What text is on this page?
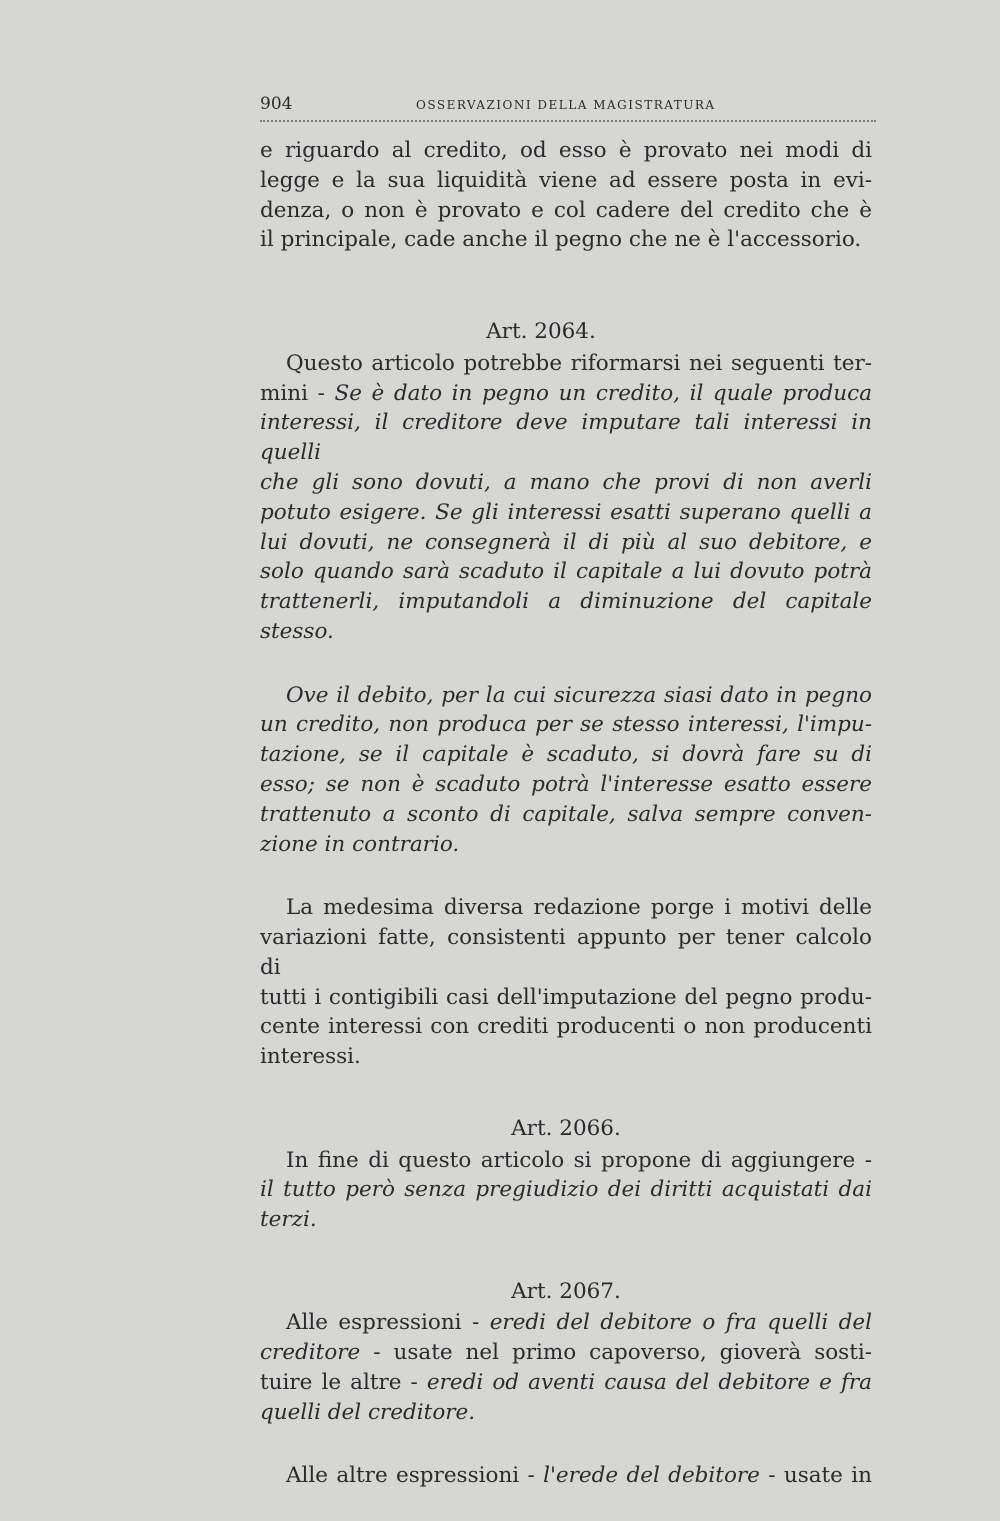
904	OSSERVAZIONI DELLA MAGISTRATURA
e riguardo al credito, od esso è provato nei modi di
legge e la sua liquidità viene ad essere posta in evi-
denza, o non è provato e col cadere del credito che è
il principale, cade anche il pegno che ne è l'accessorio.
Art. 2064.
Questo articolo potrebbe riformarsi nei seguenti ter-
mini - Se è dato in pegno un credito, il quale produca
interessi, il creditore deve imputare tali interessi in quelli
che gli sono dovuti, a mano che provi di non averli
potuto esigere. Se gli interessi esatti superano quelli a
lui dovuti, ne consegnerà il di più al suo debitore, e
solo quando sarà scaduto il capitale a lui dovuto potrà
trattenerli, imputandoli a diminuzione del capitale stesso.
Ove il debito, per la cui sicurezza siasi dato in pegno
un credito, non produca per se stesso interessi, l'impu-
tazione, se il capitale è scaduto, si dovrà fare su di
esso; se non è scaduto potrà l'interesse esatto essere
trattenuto a sconto di capitale, salva sempre conven-
zione in contrario.
La medesima diversa redazione porge i motivi delle
variazioni fatte, consistenti appunto per tener calcolo di
tutti i contigibili casi dell'imputazione del pegno produ-
cente interessi con crediti producenti o non producenti
interessi.
Art. 2066.
In fine di questo articolo si propone di aggiungere -
il tutto però senza pregiudizio dei diritti acquistati dai
terzi.
Art. 2067.
Alle espressioni - eredi del debitore o fra quelli del
creditore - usate nel primo capoverso, gioverà sosti-
tuire le altre - eredi od aventi causa del debitore e fra
quelli del creditore.
Alle altre espressioni - l'erede del debitore - usate in
